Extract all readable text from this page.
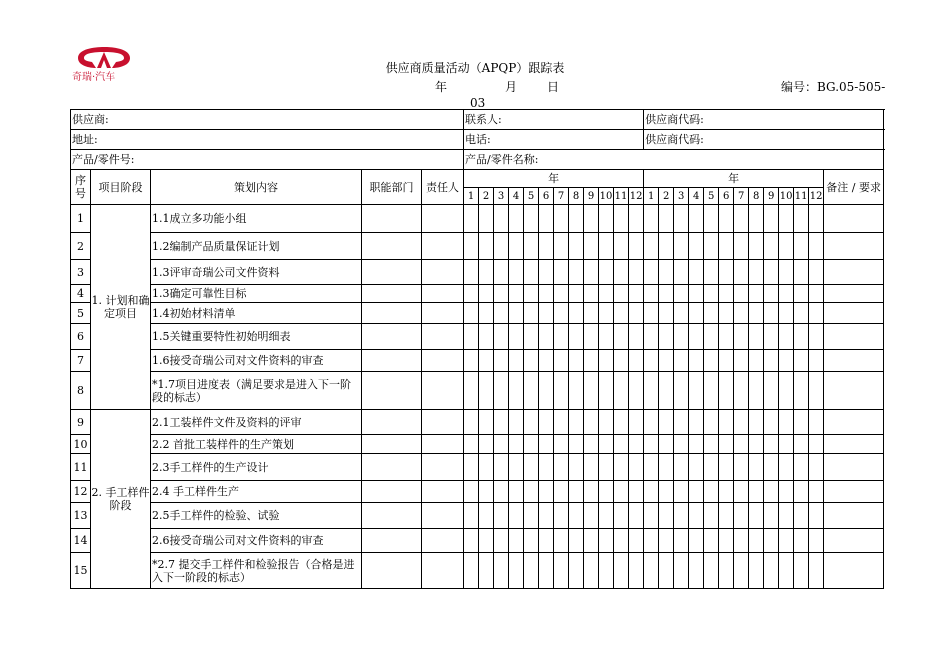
奇瑞·汽车
供应商质量活动（APQP）跟踪表
年	月 日	编号：BG.05-505-
03
供应商:					联系人:												供应商代码:												
地址:					电话:												供应商代码:												
产品/零件号:					产品/零件名称:																								
序号	项目阶段	策划内容	职能部门	责任人	年												年												备注 / 要求
					1	2	3	4	5	6	7	8	9	10	11	12	1	2	3	4	5	6	7	8	9	10	11	12	
1	1. 计划和确定项目	1.1成立多功能小组																											
2		1.2编制产品质量保证计划																											
3		1.3评审奇瑞公司文件资料																											
4		1.3确定可靠性目标																											
5		1.4初始材料清单																											
6		1.5关键重要特性初始明细表																											
7		1.6接受奇瑞公司对文件资料的审查																											
8		*1.7项目进度表（满足要求是进入下一阶段的标志）																											
9	2. 手工样件阶段	2.1工装样件文件及资料的评审																											
10		2.2 首批工装样件的生产策划																											
11		2.3手工样件的生产设计																											
12		2.4 手工样件生产																											
13		2.5手工样件的检验、试验																											
14		2.6接受奇瑞公司对文件资料的审查																											
15		*2.7 提交手工样件和检验报告（合格是进入下一阶段的标志）																											
